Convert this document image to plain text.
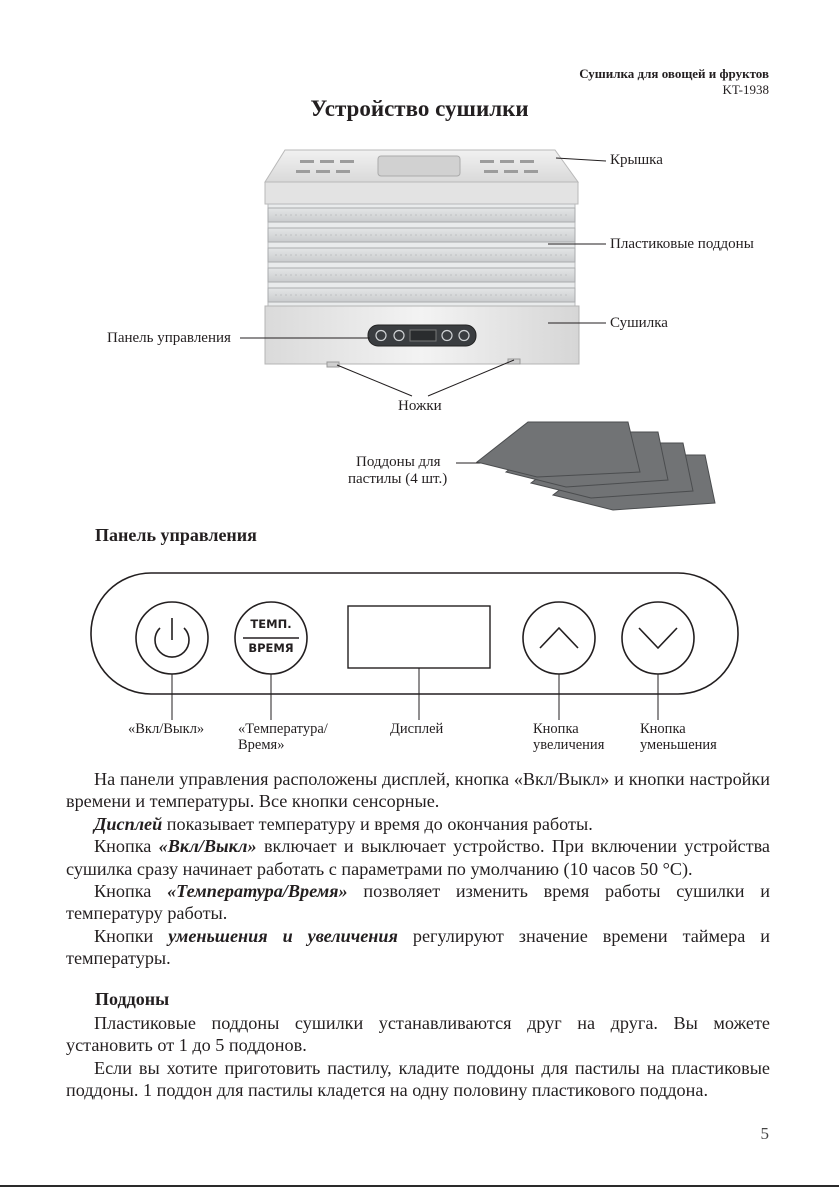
Сушилка для овощей и фруктов
KT-1938
Устройство сушилки
Крышка
Пластиковые поддоны
Сушилка
Панель управления
Ножки
Поддоны для
пастилы (4 шт.)
Панель управления
ТЕМП.
ВРЕМЯ
«Вкл/Выкл» «Температура/
Время»
Дисплей	Кнопка
увеличения
Кнопка
уменьшения

На панели управления расположены дисплей, кнопка «Вкл/Выкл» и кнопки настройки времени и температуры. Все кнопки сенсорные.

Дисплей показывает температуру и время до окончания работы.

Кнопка «Вкл/Выкл» включает и выключает устройство. При включении устройства сушилка сразу начинает работать с параметрами по умолчанию (10 часов 50 °C).

Кнопка «Температура/Время» позволяет изменить время работы сушилки и температуру работы.

Кнопки уменьшения и увеличения регулируют значение времени таймера и температуры.

Поддоны

Пластиковые поддоны сушилки устанавливаются друг на друга. Вы можете установить от 1 до 5 поддонов.

Если вы хотите приготовить пастилу, кладите поддоны для пастилы на пластиковые поддоны. 1 поддон для пастилы кладется на одну половину пластикового поддона.

5
